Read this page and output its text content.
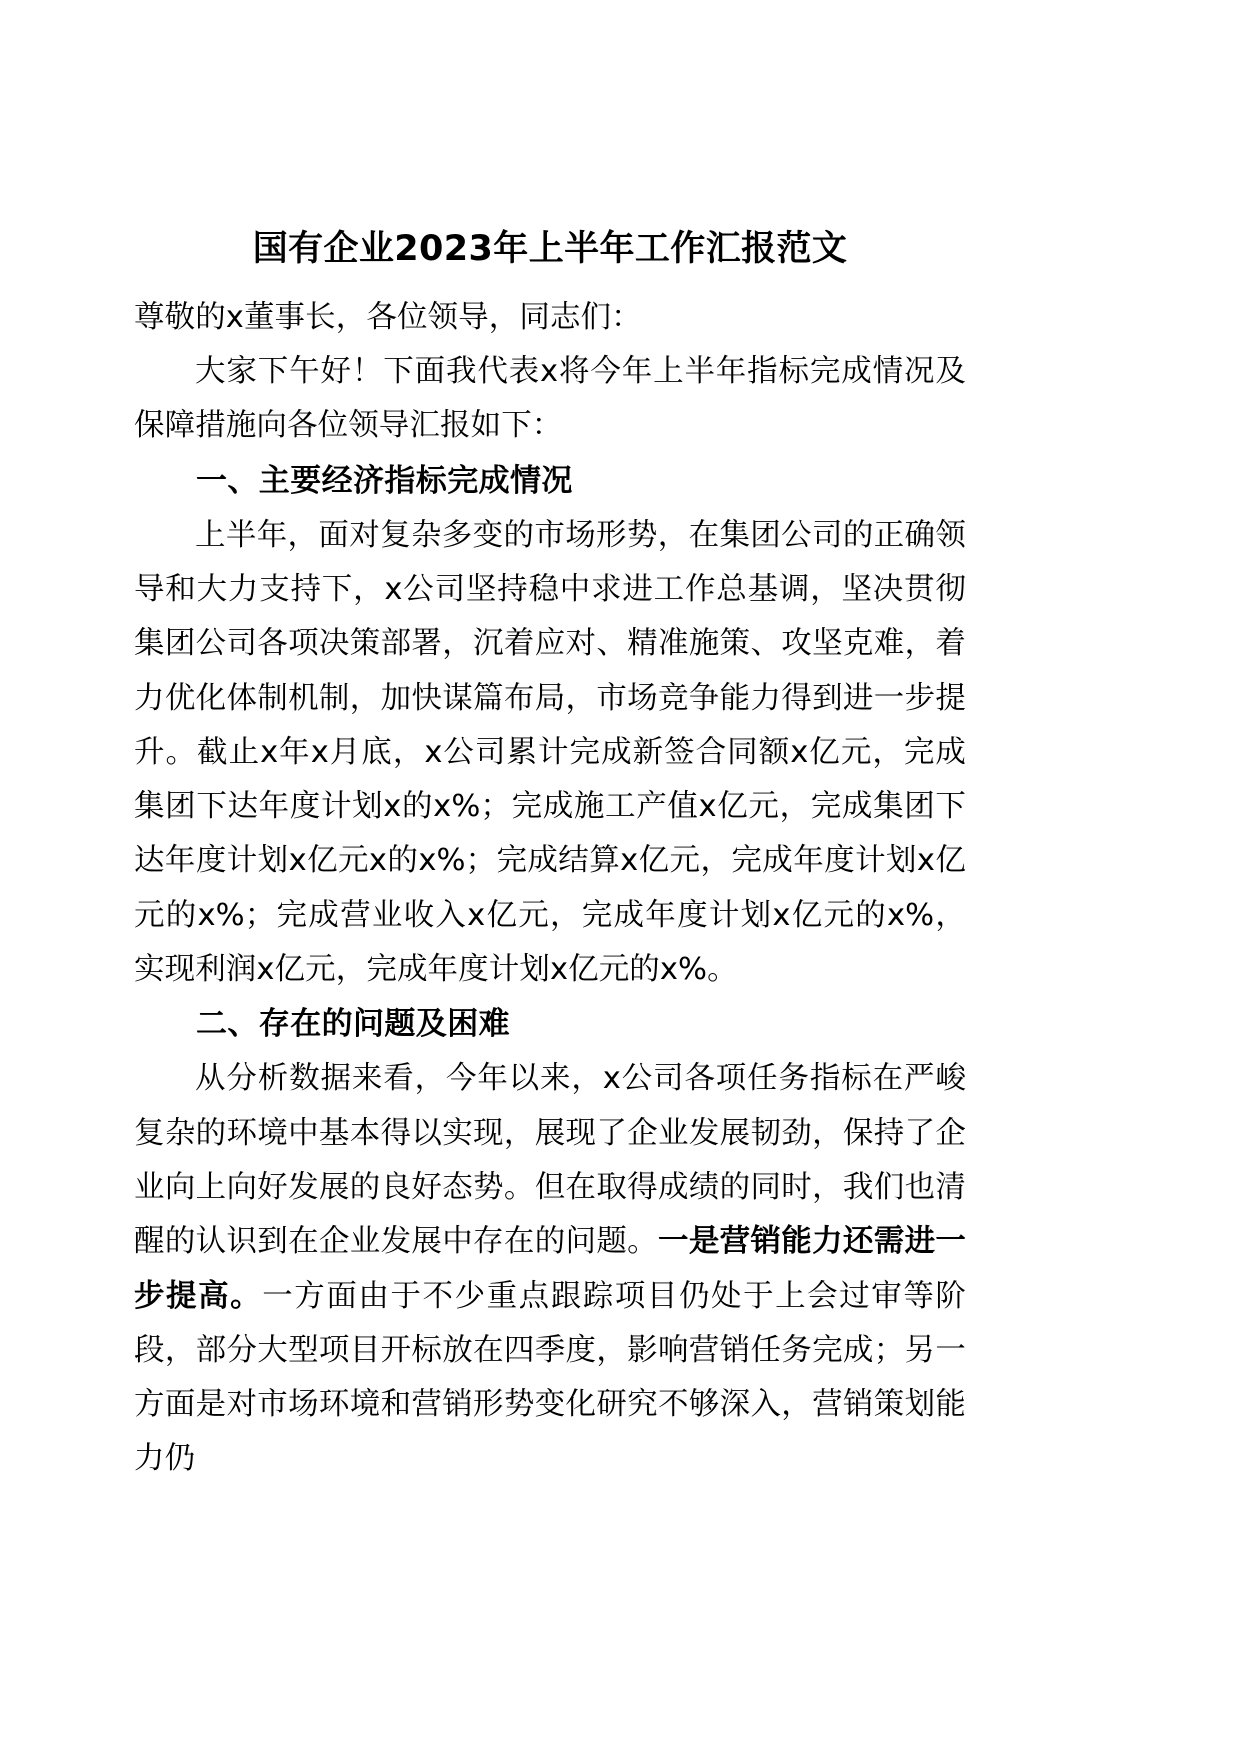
国有企业2023年上半年工作汇报范文

尊敬的x董事长，各位领导，同志们：

大家下午好！下面我代表x将今年上半年指标完成情况及保障措施向各位领导汇报如下：

一、主要经济指标完成情况

上半年，面对复杂多变的市场形势，在集团公司的正确领导和大力支持下，x公司坚持稳中求进工作总基调，坚决贯彻集团公司各项决策部署，沉着应对、精准施策、攻坚克难，着力优化体制机制，加快谋篇布局，市场竞争能力得到进一步提升。截止x年x月底，x公司累计完成新签合同额x亿元，完成集团下达年度计划x的x%；完成施工产值x亿元，完成集团下达年度计划x亿元x的x%；完成结算x亿元，完成年度计划x亿元的x%；完成营业收入x亿元，完成年度计划x亿元的x%，实现利润x亿元，完成年度计划x亿元的x%。

二、存在的问题及困难

从分析数据来看，今年以来，x公司各项任务指标在严峻复杂的环境中基本得以实现，展现了企业发展韧劲，保持了企业向上向好发展的良好态势。但在取得成绩的同时，我们也清醒的认识到在企业发展中存在的问题。一是营销能力还需进一步提高。一方面由于不少重点跟踪项目仍处于上会过审等阶段，部分大型项目开标放在四季度，影响营销任务完成；另一方面是对市场环境和营销形势变化研究不够深入，营销策划能力仍
